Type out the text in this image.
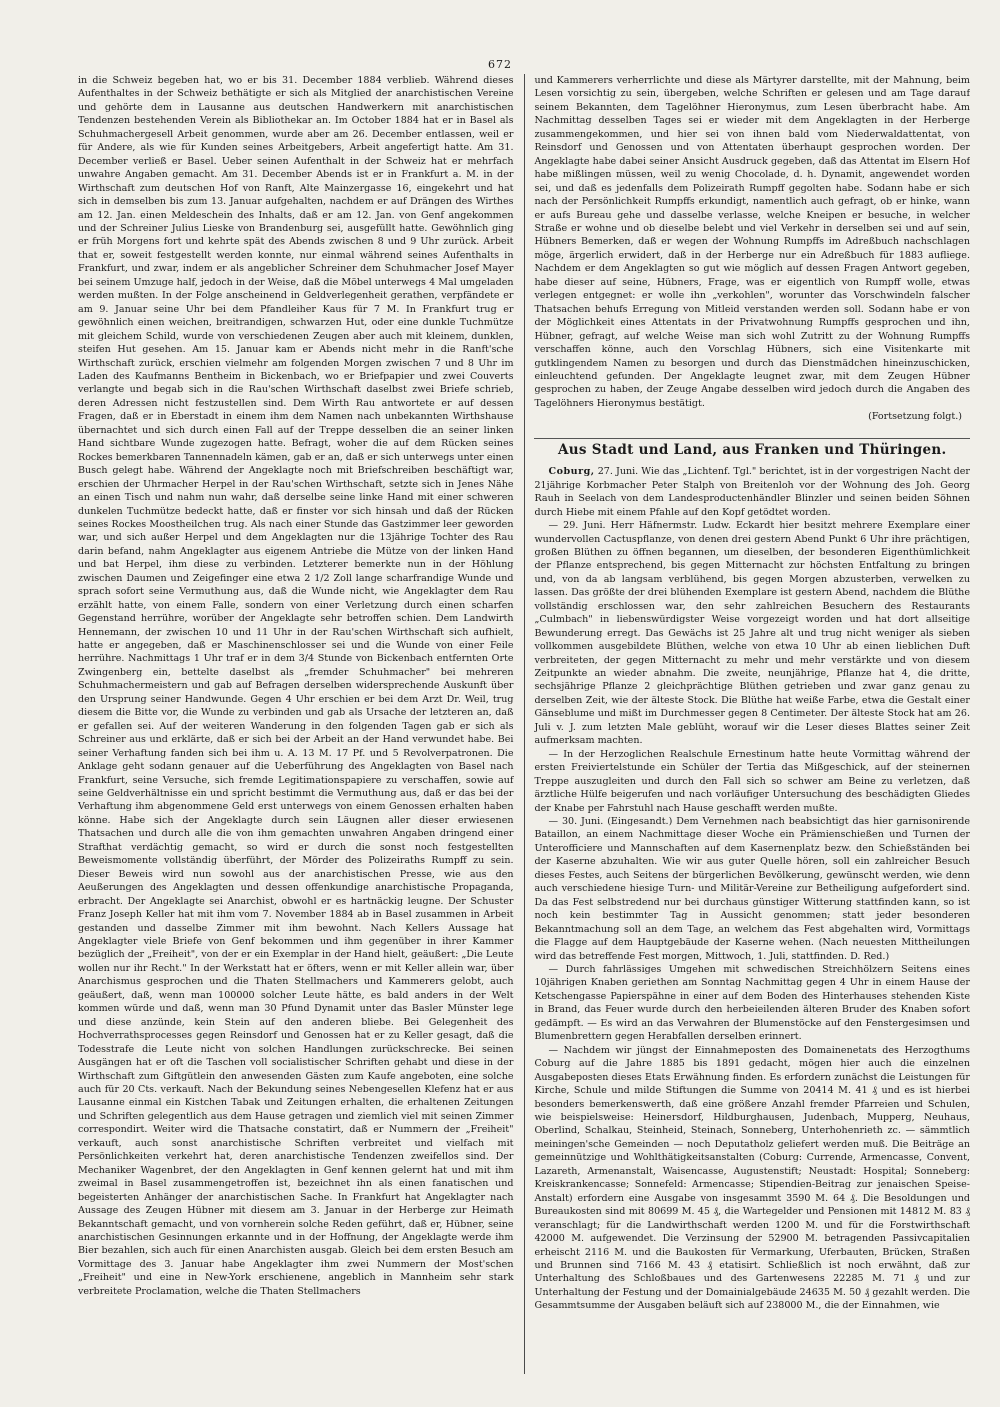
672

in die Schweiz begeben hat, wo er bis 31. December 1884 verblieb. Während dieses Aufenthaltes in der Schweiz bethätigte er sich als Mitglied der anarchistischen Vereine und gehörte dem in Lausanne aus deutschen Handwerkern mit anarchistischen Tendenzen bestehenden Verein als Bibliothekar an. Im October 1884 hat er in Basel als Schuhmachergesell Arbeit genommen, wurde aber am 26. December entlassen, weil er für Andere, als wie für Kunden seines Arbeitgebers, Arbeit angefertigt hatte. Am 31. December verließ er Basel. Ueber seinen Aufenthalt in der Schweiz hat er mehrfach unwahre Angaben gemacht. Am 31. December Abends ist er in Frankfurt a. M. in der Wirthschaft zum deutschen Hof von Ranft, Alte Mainzergasse 16, eingekehrt und hat sich in demselben bis zum 13. Januar aufgehalten, nachdem er auf Drängen des Wirthes am 12. Jan. einen Meldeschein des Inhalts, daß er am 12. Jan. von Genf angekommen und der Schreiner Julius Lieske von Brandenburg sei, ausgefüllt hatte. Gewöhnlich ging er früh Morgens fort und kehrte spät des Abends zwischen 8 und 9 Uhr zurück. Arbeit that er, soweit festgestellt werden konnte, nur einmal während seines Aufenthalts in Frankfurt, und zwar, indem er als angeblicher Schreiner dem Schuhmacher Josef Mayer bei seinem Umzuge half, jedoch in der Weise, daß die Möbel unterwegs 4 Mal umgeladen werden mußten. In der Folge anscheinend in Geldverlegenheit gerathen, verpfändete er am 9. Januar seine Uhr bei dem Pfandleiher Kaus für 7 M. In Frankfurt trug er gewöhnlich einen weichen, breitrandigen, schwarzen Hut, oder eine dunkle Tuchmütze mit gleichem Schild, wurde von verschiedenen Zeugen aber auch mit kleinem, dunklen, steifen Hut gesehen. Am 15. Januar kam er Abends nicht mehr in die Ranft'sche Wirthschaft zurück, erschien vielmehr am folgenden Morgen zwischen 7 und 8 Uhr im Laden des Kaufmanns Bentheim in Bickenbach, wo er Briefpapier und zwei Couverts verlangte und begab sich in die Rau'schen Wirthschaft daselbst zwei Briefe schrieb, deren Adressen nicht festzustellen sind. Dem Wirth Rau antwortete er auf dessen Fragen, daß er in Eberstadt in einem ihm dem Namen nach unbekannten Wirthshause übernachtet und sich durch einen Fall auf der Treppe desselben die an seiner linken Hand sichtbare Wunde zugezogen hatte. Befragt, woher die auf dem Rücken seines Rockes bemerkbaren Tannennadeln kämen, gab er an, daß er sich unterwegs unter einen Busch gelegt habe. Während der Angeklagte noch mit Briefschreiben beschäftigt war, erschien der Uhrmacher Herpel in der Rau'schen Wirthschaft, setzte sich in Jenes Nähe an einen Tisch und nahm nun wahr, daß derselbe seine linke Hand mit einer schweren dunkelen Tuchmütze bedeckt hatte, daß er finster vor sich hinsah und daß der Rücken seines Rockes Moostheilchen trug. Als nach einer Stunde das Gastzimmer leer geworden war, und sich außer Herpel und dem Angeklagten nur die 13jährige Tochter des Rau darin befand, nahm Angeklagter aus eigenem Antriebe die Mütze von der linken Hand und bat Herpel, ihm diese zu verbinden. Letzterer bemerkte nun in der Höhlung zwischen Daumen und Zeigefinger eine etwa 2 1/2 Zoll lange scharfrandige Wunde und sprach sofort seine Vermuthung aus, daß die Wunde nicht, wie Angeklagter dem Rau erzählt hatte, von einem Falle, sondern von einer Verletzung durch einen scharfen Gegenstand herrühre, worüber der Angeklagte sehr betroffen schien. Dem Landwirth Hennemann, der zwischen 10 und 11 Uhr in der Rau'schen Wirthschaft sich aufhielt, hatte er angegeben, daß er Maschinenschlosser sei und die Wunde von einer Feile herrühre. Nachmittags 1 Uhr traf er in dem 3/4 Stunde von Bickenbach entfernten Orte Zwingenberg ein, bettelte daselbst als „fremder Schuhmacher" bei mehreren Schuhmachermeistern und gab auf Befragen derselben widersprechende Auskunft über den Ursprung seiner Handwunde. Gegen 4 Uhr erschien er bei dem Arzt Dr. Weil, trug diesem die Bitte vor, die Wunde zu verbinden und gab als Ursache der letzteren an, daß er gefallen sei. Auf der weiteren Wanderung in den folgenden Tagen gab er sich als Schreiner aus und erklärte, daß er sich bei der Arbeit an der Hand verwundet habe. Bei seiner Verhaftung fanden sich bei ihm u. A. 13 M. 17 Pf. und 5 Revolverpatronen. Die Anklage geht sodann genauer auf die Ueberführung des Angeklagten von Basel nach Frankfurt, seine Versuche, sich fremde Legitimationspapiere zu verschaffen, sowie auf seine Geldverhältnisse ein und spricht bestimmt die Vermuthung aus, daß er das bei der Verhaftung ihm abgenommene Geld erst unterwegs von einem Genossen erhalten haben könne. Habe sich der Angeklagte durch sein Läugnen aller dieser erwiesenen Thatsachen und durch alle die von ihm gemachten unwahren Angaben dringend einer Strafthat verdächtig gemacht, so wird er durch die sonst noch festgestellten Beweismomente vollständig überführt, der Mörder des Polizeiraths Rumpff zu sein. Dieser Beweis wird nun sowohl aus der anarchistischen Presse, wie aus den Aeußerungen des Angeklagten und dessen offenkundige anarchistische Propaganda, erbracht. Der Angeklagte sei Anarchist, obwohl er es hartnäckig leugne. Der Schuster Franz Joseph Keller hat mit ihm vom 7. November 1884 ab in Basel zusammen in Arbeit gestanden und dasselbe Zimmer mit ihm bewohnt. Nach Kellers Aussage hat Angeklagter viele Briefe von Genf bekommen und ihm gegenüber in ihrer Kammer bezüglich der „Freiheit", von der er ein Exemplar in der Hand hielt, geäußert: „Die Leute wollen nur ihr Recht." In der Werkstatt hat er öfters, wenn er mit Keller allein war, über Anarchismus gesprochen und die Thaten Stellmachers und Kammerers gelobt, auch geäußert, daß, wenn man 100000 solcher Leute hätte, es bald anders in der Welt kommen würde und daß, wenn man 30 Pfund Dynamit unter das Basler Münster lege und diese anzünde, kein Stein auf den anderen bliebe. Bei Gelegenheit des Hochverrathsprocesses gegen Reinsdorf und Genossen hat er zu Keller gesagt, daß die Todesstrafe die Leute nicht von solchen Handlungen zurückschrecke. Bei seinen Ausgängen hat er oft die Taschen voll socialistischer Schriften gehabt und diese in der Wirthschaft zum Giftgütlein den anwesenden Gästen zum Kaufe angeboten, eine solche auch für 20 Cts. verkauft. Nach der Bekundung seines Nebengesellen Klefenz hat er aus Lausanne einmal ein Kistchen Tabak und Zeitungen erhalten, die erhaltenen Zeitungen und Schriften gelegentlich aus dem Hause getragen und ziemlich viel mit seinen Zimmer correspondirt. Weiter wird die Thatsache constatirt, daß er Nummern der „Freiheit" verkauft, auch sonst anarchistische Schriften verbreitet und vielfach mit Persönlichkeiten verkehrt hat, deren anarchistische Tendenzen zweifellos sind. Der Mechaniker Wagenbret, der den Angeklagten in Genf kennen gelernt hat und mit ihm zweimal in Basel zusammengetroffen ist, bezeichnet ihn als einen fanatischen und begeisterten Anhänger der anarchistischen Sache. In Frankfurt hat Angeklagter nach Aussage des Zeugen Hübner mit diesem am 3. Januar in der Herberge zur Heimath Bekanntschaft gemacht, und von vornherein solche Reden geführt, daß er, Hübner, seine anarchistischen Gesinnungen erkannte und in der Hoffnung, der Angeklagte werde ihm Bier bezahlen, sich auch für einen Anarchisten ausgab. Gleich bei dem ersten Besuch am Vormittage des 3. Januar habe Angeklagter ihm zwei Nummern der Most'schen „Freiheit" und eine in New-York erschienene, angeblich in Mannheim sehr stark verbreitete Proclamation, welche die Thaten Stellmachers

und Kammerers verherrlichte und diese als Märtyrer darstellte, mit der Mahnung, beim Lesen vorsichtig zu sein, übergeben, welche Schriften er gelesen und am Tage darauf seinem Bekannten, dem Tagelöhner Hieronymus, zum Lesen überbracht habe. Am Nachmittag desselben Tages sei er wieder mit dem Angeklagten in der Herberge zusammengekommen, und hier sei von ihnen bald vom Niederwaldattentat, von Reinsdorf und Genossen und von Attentaten überhaupt gesprochen worden. Der Angeklagte habe dabei seiner Ansicht Ausdruck gegeben, daß das Attentat im Elsern Hof habe mißlingen müssen, weil zu wenig Chocolade, d. h. Dynamit, angewendet worden sei, und daß es jedenfalls dem Polizeirath Rumpff gegolten habe. Sodann habe er sich nach der Persönlichkeit Rumpffs erkundigt, namentlich auch gefragt, ob er hinke, wann er aufs Bureau gehe und dasselbe verlasse, welche Kneipen er besuche, in welcher Straße er wohne und ob dieselbe belebt und viel Verkehr in derselben sei und auf sein, Hübners Bemerken, daß er wegen der Wohnung Rumpffs im Adreßbuch nachschlagen möge, ärgerlich erwidert, daß in der Herberge nur ein Adreßbuch für 1883 aufliege. Nachdem er dem Angeklagten so gut wie möglich auf dessen Fragen Antwort gegeben, habe dieser auf seine, Hübners, Frage, was er eigentlich von Rumpff wolle, etwas verlegen entgegnet: er wolle ihn „verkohlen", worunter das Vorschwindeln falscher Thatsachen behufs Erregung von Mitleid verstanden werden soll. Sodann habe er von der Möglichkeit eines Attentats in der Privatwohnung Rumpffs gesprochen und ihn, Hübner, gefragt, auf welche Weise man sich wohl Zutritt zu der Wohnung Rumpffs verschaffen könne, auch den Vorschlag Hübners, sich eine Visitenkarte mit gutklingendem Namen zu besorgen und durch das Dienstmädchen hineinzuschicken, einleuchtend gefunden. Der Angeklagte leugnet zwar, mit dem Zeugen Hübner gesprochen zu haben, der Zeuge Angabe desselben wird jedoch durch die Angaben des Tagelöhners Hieronymus bestätigt.

(Fortsetzung folgt.)
Aus Stadt und Land, aus Franken und Thüringen.

Coburg, 27. Juni. Wie das „Lichtenf. Tgl." berichtet, ist in der vorgestrigen Nacht der 21jährige Korbmacher Peter Stalph von Breitenloh vor der Wohnung des Joh. Georg Rauh in Seelach von dem Landesproductenhändler Blinzler und seinen beiden Söhnen durch Hiebe mit einem Pfahle auf den Kopf getödtet worden.

— 29. Juni. Herr Häfnermstr. Ludw. Eckardt hier besitzt mehrere Exemplare einer wundervollen Cactuspflanze, von denen drei gestern Abend Punkt 6 Uhr ihre prächtigen, großen Blüthen zu öffnen begannen, um dieselben, der besonderen Eigenthümlichkeit der Pflanze entsprechend, bis gegen Mitternacht zur höchsten Entfaltung zu bringen und, von da ab langsam verblühend, bis gegen Morgen abzusterben, verwelken zu lassen. Das größte der drei blühenden Exemplare ist gestern Abend, nachdem die Blüthe vollständig erschlossen war, den sehr zahlreichen Besuchern des Restaurants „Culmbach" in liebenswürdigster Weise vorgezeigt worden und hat dort allseitige Bewunderung erregt. Das Gewächs ist 25 Jahre alt und trug nicht weniger als sieben vollkommen ausgebildete Blüthen, welche von etwa 10 Uhr ab einen lieblichen Duft verbreiteten, der gegen Mitternacht zu mehr und mehr verstärkte und von diesem Zeitpunkte an wieder abnahm. Die zweite, neunjährige, Pflanze hat 4, die dritte, sechsjährige Pflanze 2 gleichprächtige Blüthen getrieben und zwar ganz genau zu derselben Zeit, wie der älteste Stock. Die Blüthe hat weiße Farbe, etwa die Gestalt einer Gänseblume und mißt im Durchmesser gegen 8 Centimeter. Der älteste Stock hat am 26. Juli v. J. zum letzten Male geblüht, worauf wir die Leser dieses Blattes seiner Zeit aufmerksam machten.

— In der Herzoglichen Realschule Ernestinum hatte heute Vormittag während der ersten Freiviertelstunde ein Schüler der Tertia das Mißgeschick, auf der steinernen Treppe auszugleiten und durch den Fall sich so schwer am Beine zu verletzen, daß ärztliche Hülfe beigerufen und nach vorläufiger Untersuchung des beschädigten Gliedes der Knabe per Fahrstuhl nach Hause geschafft werden mußte.

— 30. Juni. (Eingesandt.) Dem Vernehmen nach beabsichtigt das hier garnisonirende Bataillon, an einem Nachmittage dieser Woche ein Prämienschießen und Turnen der Unterofficiere und Mannschaften auf dem Kasernenplatz bezw. den Schießständen bei der Kaserne abzuhalten. Wie wir aus guter Quelle hören, soll ein zahlreicher Besuch dieses Festes, auch Seitens der bürgerlichen Bevölkerung, gewünscht werden, wie denn auch verschiedene hiesige Turn- und Militär-Vereine zur Betheiligung aufgefordert sind. Da das Fest selbstredend nur bei durchaus günstiger Witterung stattfinden kann, so ist noch kein bestimmter Tag in Aussicht genommen; statt jeder besonderen Bekanntmachung soll an dem Tage, an welchem das Fest abgehalten wird, Vormittags die Flagge auf dem Hauptgebäude der Kaserne wehen. (Nach neuesten Mittheilungen wird das betreffende Fest morgen, Mittwoch, 1. Juli, stattfinden. D. Red.)

— Durch fahrlässiges Umgehen mit schwedischen Streichhölzern Seitens eines 10jährigen Knaben geriethen am Sonntag Nachmittag gegen 4 Uhr in einem Hause der Ketschengasse Papierspähne in einer auf dem Boden des Hinterhauses stehenden Kiste in Brand, das Feuer wurde durch den herbeieilenden älteren Bruder des Knaben sofort gedämpft. — Es wird an das Verwahren der Blumenstöcke auf den Fenstergesimsen und Blumenbrettern gegen Herabfallen derselben erinnert.

— Nachdem wir jüngst der Einnahmeposten des Domainenetats des Herzogthums Coburg auf die Jahre 1885 bis 1891 gedacht, mögen hier auch die einzelnen Ausgabeposten dieses Etats Erwähnung finden. Es erfordern zunächst die Leistungen für Kirche, Schule und milde Stiftungen die Summe von 20414 M. 41 ₰ und es ist hierbei besonders bemerkenswerth, daß eine größere Anzahl fremder Pfarreien und Schulen, wie beispielsweise: Heinersdorf, Hildburghausen, Judenbach, Mupperg, Neuhaus, Oberlind, Schalkau, Steinheid, Steinach, Sonneberg, Unterhohenrieth zc. — sämmtlich meiningen'sche Gemeinden — noch Deputatholz geliefert werden muß. Die Beiträge an gemeinnützige und Wohlthätigkeitsanstalten (Coburg: Currende, Armencasse, Convent, Lazareth, Armenanstalt, Waisencasse, Augustenstift; Neustadt: Hospital; Sonneberg: Kreiskrankencasse; Sonnefeld: Armencasse; Stipendien-Beitrag zur jenaischen Speise-Anstalt) erfordern eine Ausgabe von insgesammt 3590 M. 64 ₰. Die Besoldungen und Bureaukosten sind mit 80699 M. 45 ₰, die Wartegelder und Pensionen mit 14812 M. 83 ₰ veranschlagt; für die Landwirthschaft werden 1200 M. und für die Forstwirthschaft 42000 M. aufgewendet. Die Verzinsung der 52900 M. betragenden Passivcapitalien erheischt 2116 M. und die Baukosten für Vermarkung, Uferbauten, Brücken, Straßen und Brunnen sind 7166 M. 43 ₰ etatisirt. Schließlich ist noch erwähnt, daß zur Unterhaltung des Schloßbaues und des Gartenwesens 22285 M. 71 ₰ und zur Unterhaltung der Festung und der Domainialgebäude 24635 M. 50 ₰ gezahlt werden. Die Gesammtsumme der Ausgaben beläuft sich auf 238000 M., die der Einnahmen, wie
